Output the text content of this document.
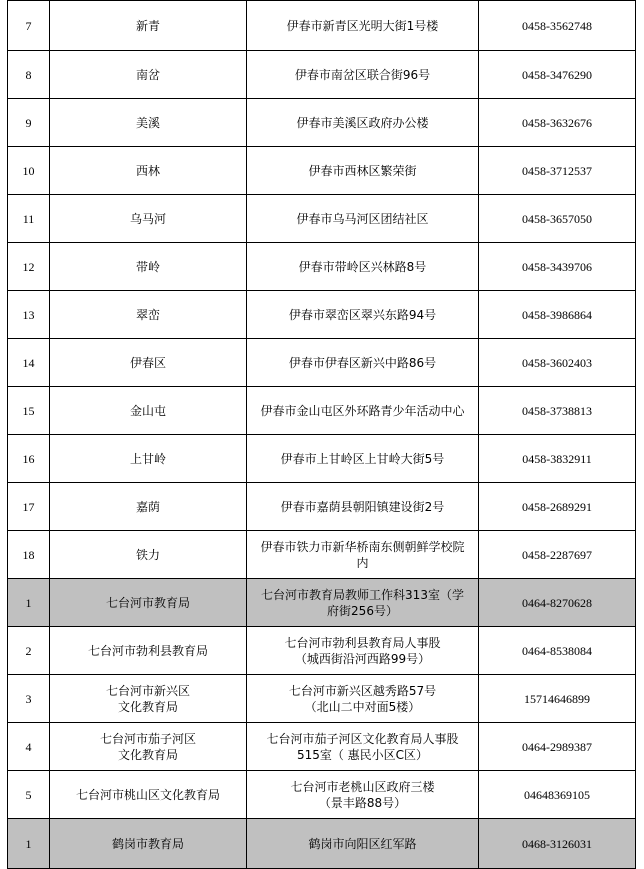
7	新青	伊春市新青区光明大街1号楼	0458-3562748
8	南岔	伊春市南岔区联合街96号	0458-3476290
9	美溪	伊春市美溪区政府办公楼	0458-3632676
10	西林	伊春市西林区繁荣街	0458-3712537
11	乌马河	伊春市乌马河区团结社区	0458-3657050
12	带岭	伊春市带岭区兴林路8号	0458-3439706
13	翠峦	伊春市翠峦区翠兴东路94号	0458-3986864
14	伊春区	伊春市伊春区新兴中路86号	0458-3602403
15	金山屯	伊春市金山屯区外环路青少年活动中心	0458-3738813
16	上甘岭	伊春市上甘岭区上甘岭大街5号	0458-3832911
17	嘉荫	伊春市嘉荫县朝阳镇建设街2号	0458-2689291
18	铁力	伊春市铁力市新华桥南东侧朝鲜学校院
内	0458-2287697
1	七台河市教育局	七台河市教育局教师工作科313室（学
府街256号）	0464-8270628
2	七台河市勃利县教育局	七台河市勃利县教育局人事股
（城西街沿河西路99号）	0464-8538084
3	七台河市新兴区
文化教育局	七台河市新兴区越秀路57号
（北山二中对面5楼）	15714646899
4	七台河市茄子河区
文化教育局	七台河市茄子河区文化教育局人事股
515室（ 惠民小区C区）	0464-2989387
5	七台河市桃山区文化教育局	七台河市老桃山区政府三楼
（景丰路88号）	04648369105
1	鹤岗市教育局	鹤岗市向阳区红军路	0468-3126031
